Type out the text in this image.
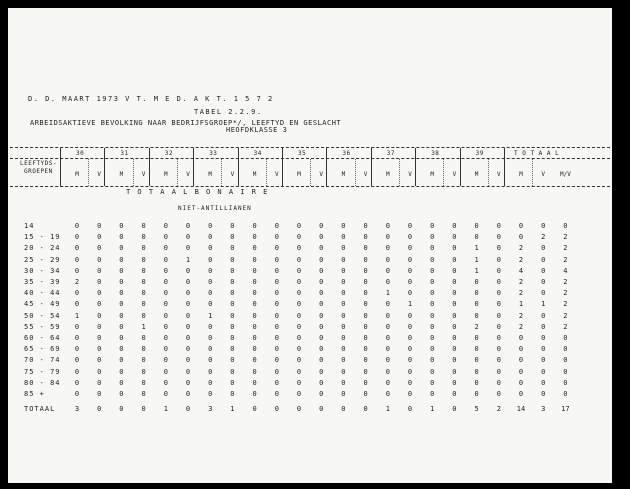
D. D. MAART 1973 V T. M E D. A K T. 1 5 7 2
TABEL 2.2.9.
ARBEIDSAKTIEVE BEVOLKING NAAR BEDRIJFSGROEP*/, LEEFTYD EN GESLACHT
HEOFDKLASSE 3
LEEFTYDS-
GROEPEN
T O T A A L B O N A I R E
NIET-ANTILLIANEN
30	31	32	33	34	35	36	37	38	39	T O T A A L
M	V	M	V	M	V	M	V	M	V	M	V	M	V	M	V	M	V	M	V	M	V	M/V
14	0	0	0	0	0	0	0	0	0	0	0	0	0	0	0	0	0	0	0	0	0	0	0
15 - 19	0	0	0	0	0	0	0	0	0	0	0	0	0	0	0	0	0	0	0	0	0	2	2
20 - 24	0	0	0	0	0	0	0	0	0	0	0	0	0	0	0	0	0	0	1	0	2	0	2
25 - 29	0	0	0	0	0	1	0	0	0	0	0	0	0	0	0	0	0	0	1	0	2	0	2
30 - 34	0	0	0	0	0	0	0	0	0	0	0	0	0	0	0	0	0	0	1	0	4	0	4
35 - 39	2	0	0	0	0	0	0	0	0	0	0	0	0	0	0	0	0	0	0	0	2	0	2
40 - 44	0	0	0	0	0	0	0	0	0	0	0	0	0	0	1	0	0	0	0	0	2	0	2
45 - 49	0	0	0	0	0	0	0	0	0	0	0	0	0	0	0	1	0	0	0	0	1	1	2
50 - 54	1	0	0	0	0	0	1	0	0	0	0	0	0	0	0	0	0	0	0	0	2	0	2
55 - 59	0	0	0	1	0	0	0	0	0	0	0	0	0	0	0	0	0	0	2	0	2	0	2
60 - 64	0	0	0	0	0	0	0	0	0	0	0	0	0	0	0	0	0	0	0	0	0	0	0
65 - 69	0	0	0	0	0	0	0	0	0	0	0	0	0	0	0	0	0	0	0	0	0	0	0
70 - 74	0	0	0	0	0	0	0	0	0	0	0	0	0	0	0	0	0	0	0	0	0	0	0
75 - 79	0	0	0	0	0	0	0	0	0	0	0	0	0	0	0	0	0	0	0	0	0	0	0
80 - 84	0	0	0	0	0	0	0	0	0	0	0	0	0	0	0	0	0	0	0	0	0	0	0
85 +	0	0	0	0	0	0	0	0	0	0	0	0	0	0	0	0	0	0	0	0	0	0	0
TOTAAL	3	0	0	0	1	0	3	1	0	0	0	0	0	0	1	0	1	0	5	2	14	3	17
